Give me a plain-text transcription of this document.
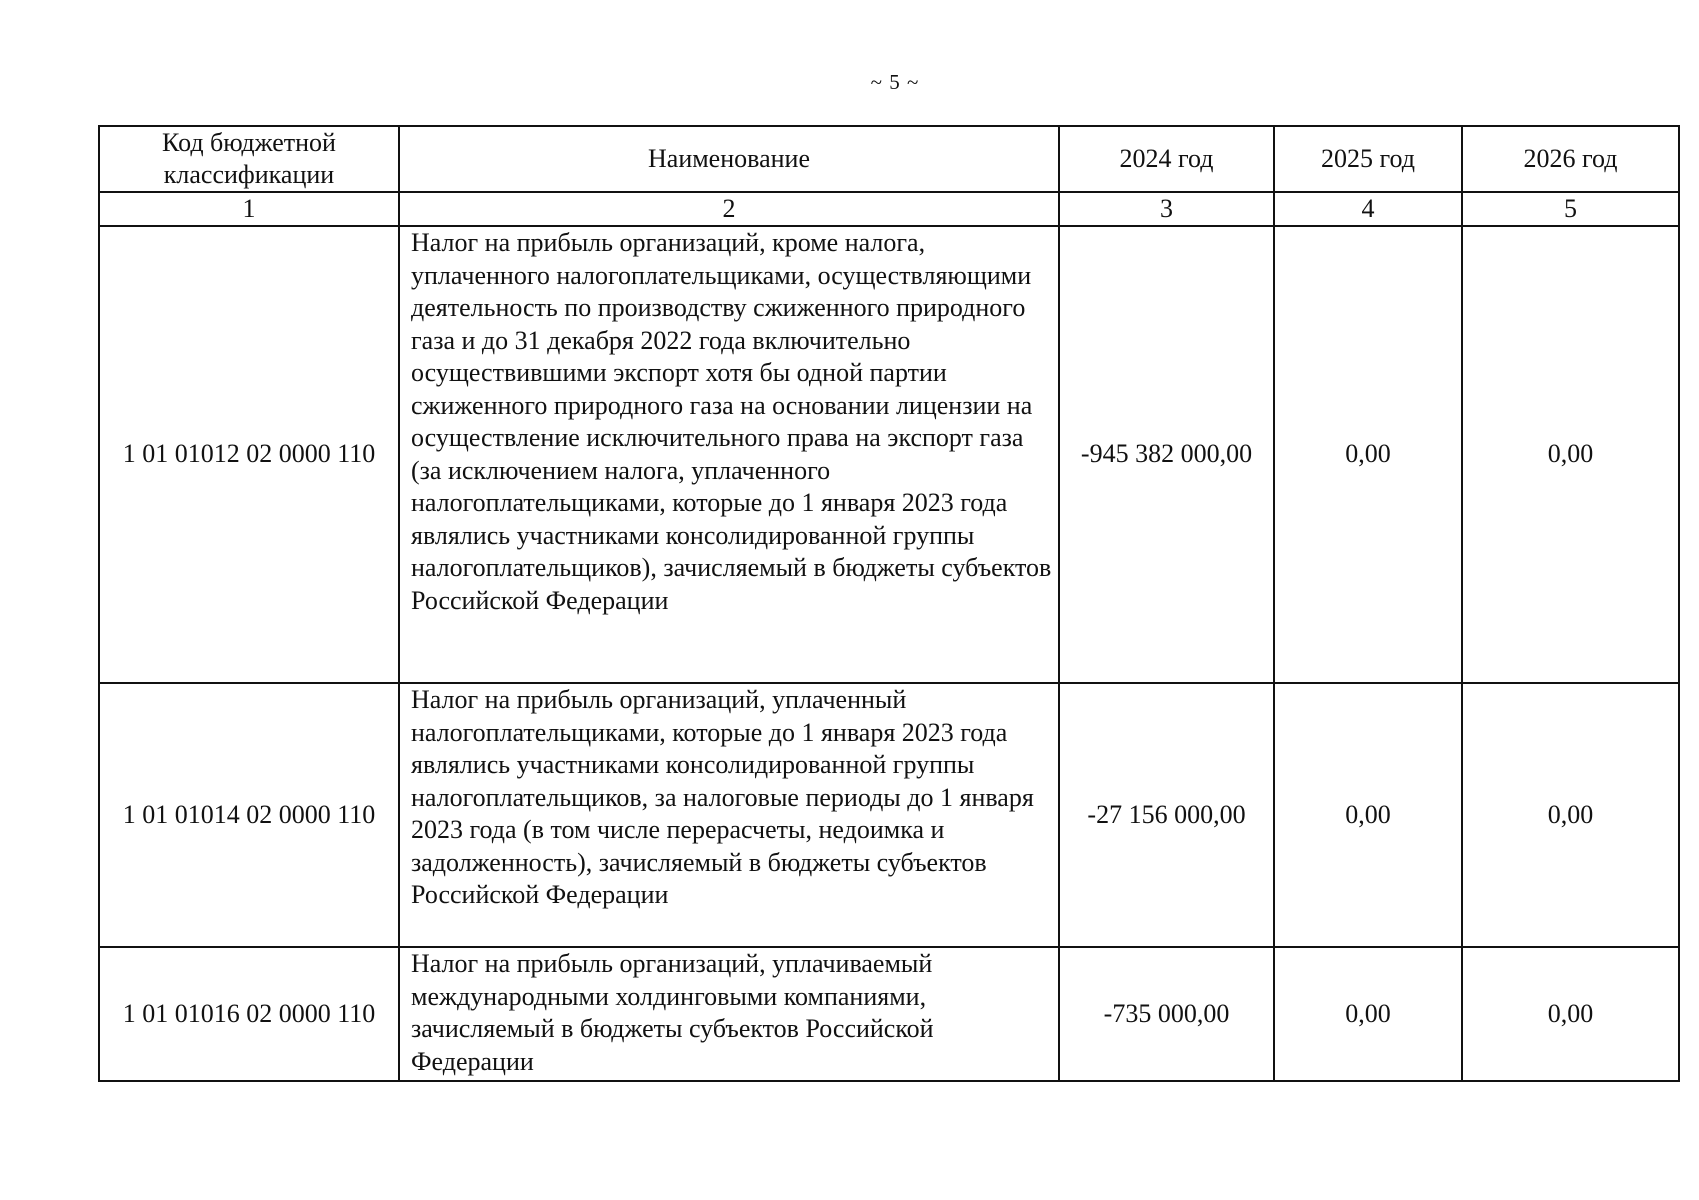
~ 5 ~
Код бюджетной классификации	Наименование	2024 год	2025 год	2026 год
1	2	3	4	5
1 01 01012 02 0000 110	Налог на прибыль организаций, кроме налога, уплаченного налогоплательщиками, осуществляющими деятельность по производству сжиженного природного газа и до 31 декабря 2022 года включительно осуществившими экспорт хотя бы одной партии сжиженного природного газа на основании лицензии на осуществление исключительного права на экспорт газа (за исключением налога, уплаченного налогоплательщиками, которые до 1 января 2023 года являлись участниками консолидированной группы налогоплательщиков), зачисляемый в бюджеты субъектов Российской Федерации	-945 382 000,00	0,00	0,00
1 01 01014 02 0000 110	Налог на прибыль организаций, уплаченный налогоплательщиками, которые до 1 января 2023 года являлись участниками консолидированной группы налогоплательщиков, за налоговые периоды до 1 января 2023 года (в том числе перерасчеты, недоимка и задолженность), зачисляемый в бюджеты субъектов Российской Федерации	-27 156 000,00	0,00	0,00
1 01 01016 02 0000 110	Налог на прибыль организаций, уплачиваемый международными холдинговыми компаниями, зачисляемый в бюджеты субъектов Российской Федерации	-735 000,00	0,00	0,00
